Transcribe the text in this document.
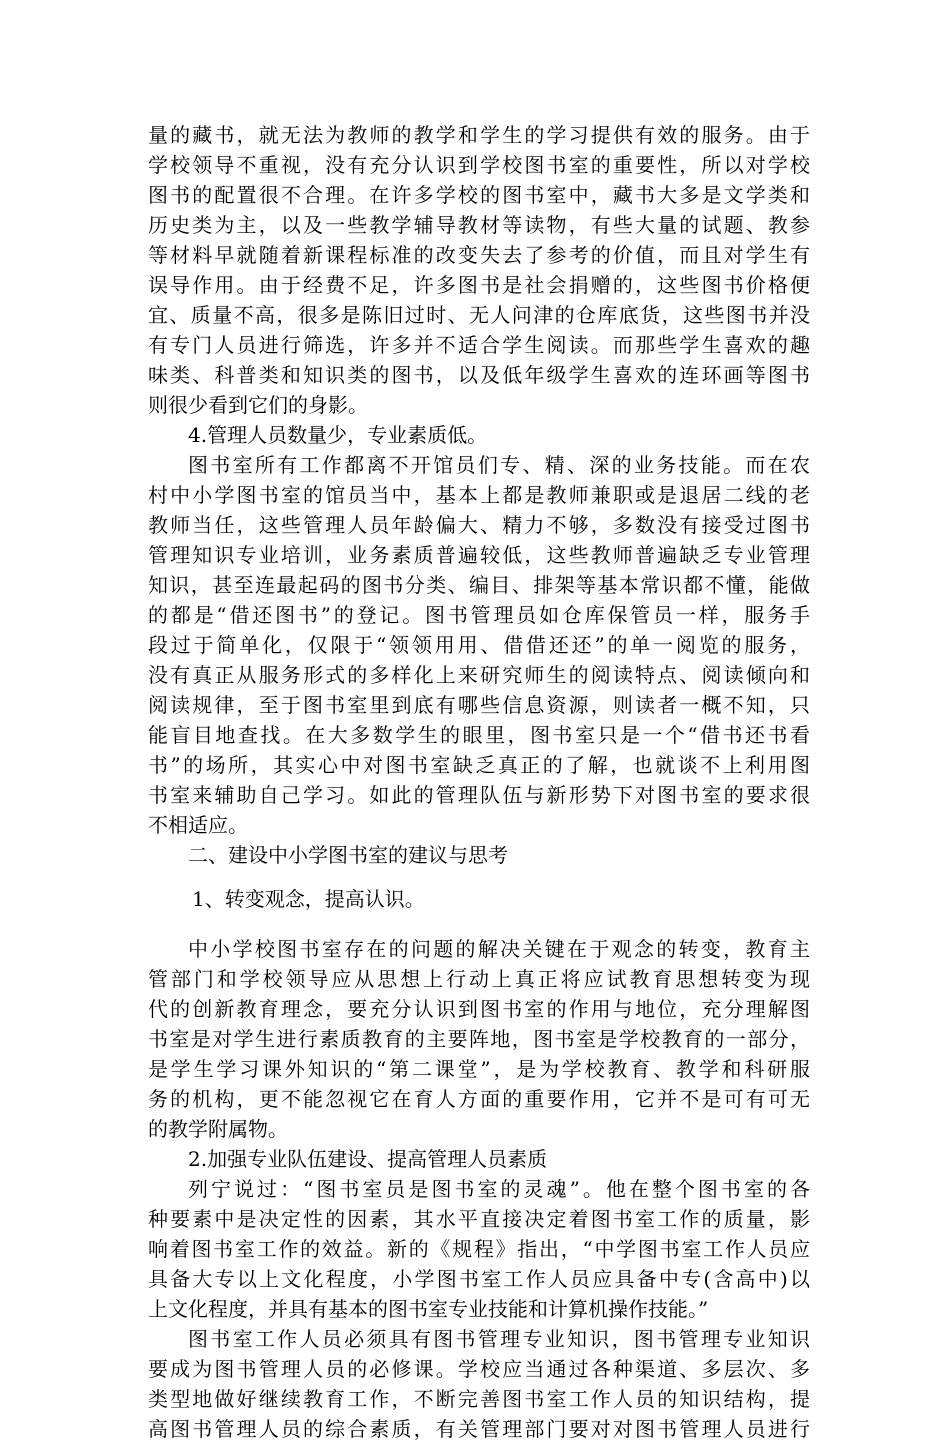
量的藏书，就无法为教师的教学和学生的学习提供有效的服务。由于
学校领导不重视，没有充分认识到学校图书室的重要性，所以对学校
图书的配置很不合理。在许多学校的图书室中，藏书大多是文学类和
历史类为主，以及一些教学辅导教材等读物，有些大量的试题、教参
等材料早就随着新课程标准的改变失去了参考的价值，而且对学生有
误导作用。由于经费不足，许多图书是社会捐赠的，这些图书价格便
宜、质量不高，很多是陈旧过时、无人问津的仓库底货，这些图书并没
有专门人员进行筛选，许多并不适合学生阅读。而那些学生喜欢的趣
味类、科普类和知识类的图书，以及低年级学生喜欢的连环画等图书
则很少看到它们的身影。
4.管理人员数量少，专业素质低。
图书室所有工作都离不开馆员们专、精、深的业务技能。而在农
村中小学图书室的馆员当中，基本上都是教师兼职或是退居二线的老
教师当任，这些管理人员年龄偏大、精力不够，多数没有接受过图书
管理知识专业培训，业务素质普遍较低，这些教师普遍缺乏专业管理
知识，甚至连最起码的图书分类、编目、排架等基本常识都不懂，能做
的都是“借还图书”的登记。图书管理员如仓库保管员一样，服务手
段过于简单化，仅限于“领领用用、借借还还”的单一阅览的服务，
没有真正从服务形式的多样化上来研究师生的阅读特点、阅读倾向和
阅读规律，至于图书室里到底有哪些信息资源，则读者一概不知，只
能盲目地查找。在大多数学生的眼里，图书室只是一个“借书还书看
书”的场所，其实心中对图书室缺乏真正的了解，也就谈不上利用图
书室来辅助自己学习。如此的管理队伍与新形势下对图书室的要求很
不相适应。
二、建设中小学图书室的建议与思考
1、转变观念，提高认识。
中小学校图书室存在的问题的解决关键在于观念的转变，教育主
管部门和学校领导应从思想上行动上真正将应试教育思想转变为现
代的创新教育理念，要充分认识到图书室的作用与地位，充分理解图
书室是对学生进行素质教育的主要阵地，图书室是学校教育的一部分，
是学生学习课外知识的“第二课堂”，是为学校教育、教学和科研服
务的机构，更不能忽视它在育人方面的重要作用，它并不是可有可无
的教学附属物。
2.加强专业队伍建设、提高管理人员素质
列宁说过：“图书室员是图书室的灵魂”。他在整个图书室的各
种要素中是决定性的因素，其水平直接决定着图书室工作的质量，影
响着图书室工作的效益。新的《规程》指出，“中学图书室工作人员应
具备大专以上文化程度，小学图书室工作人员应具备中专(含高中)以
上文化程度，并具有基本的图书室专业技能和计算机操作技能。”
图书室工作人员必须具有图书管理专业知识，图书管理专业知识
要成为图书管理人员的必修课。学校应当通过各种渠道、多层次、多
类型地做好继续教育工作，不断完善图书室工作人员的知识结构，提
高图书管理人员的综合素质，有关管理部门要对对图书管理人员进行
